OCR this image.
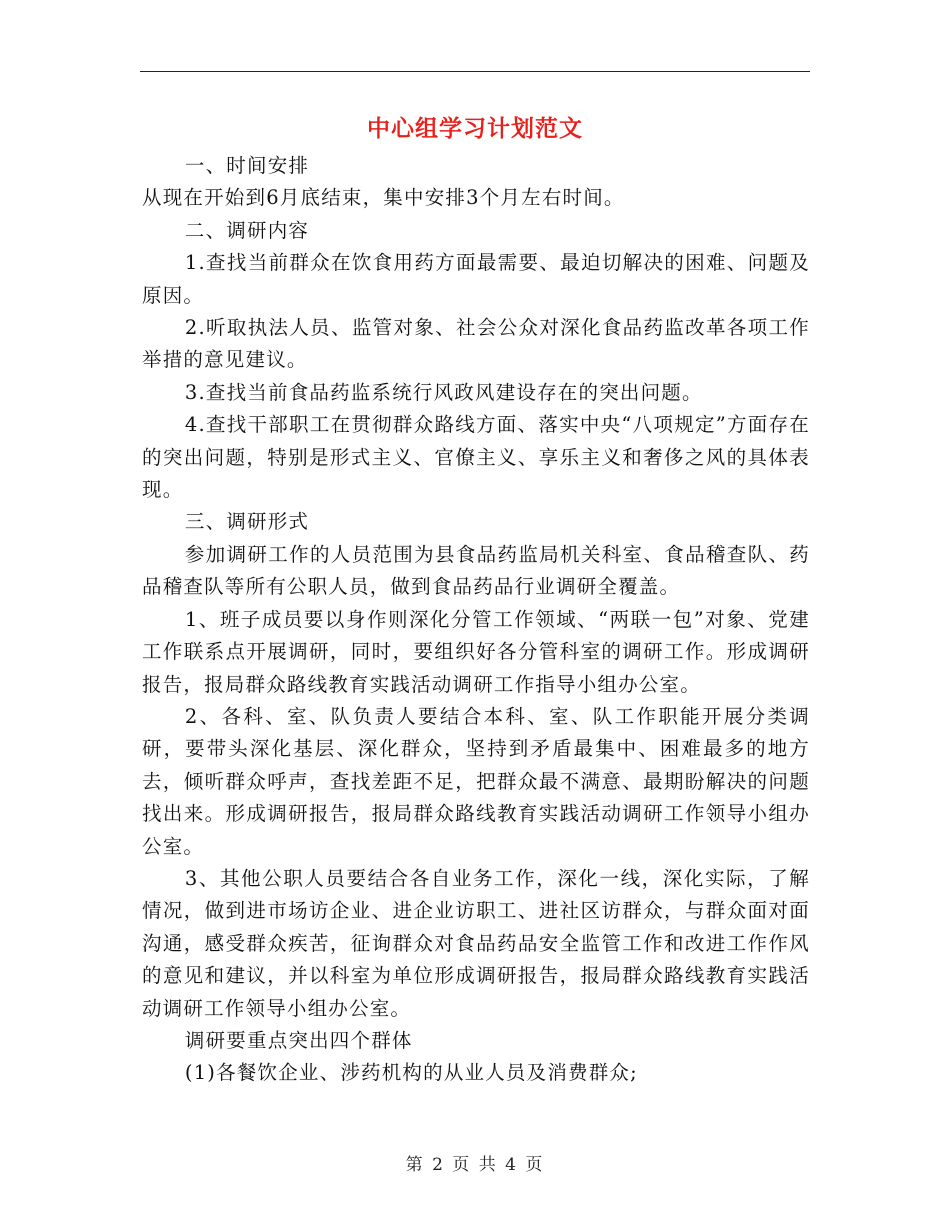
中心组学习计划范文

一、时间安排

从现在开始到6月底结束，集中安排3个月左右时间。

二、调研内容

1.查找当前群众在饮食用药方面最需要、最迫切解决的困难、问题及原因。

2.听取执法人员、监管对象、社会公众对深化食品药监改革各项工作举措的意见建议。

3.查找当前食品药监系统行风政风建设存在的突出问题。

4.查找干部职工在贯彻群众路线方面、落实中央“八项规定”方面存在的突出问题，特别是形式主义、官僚主义、享乐主义和奢侈之风的具体表现。

三、调研形式

参加调研工作的人员范围为县食品药监局机关科室、食品稽查队、药品稽查队等所有公职人员，做到食品药品行业调研全覆盖。

1、班子成员要以身作则深化分管工作领域、“两联一包”对象、党建工作联系点开展调研，同时，要组织好各分管科室的调研工作。形成调研报告，报局群众路线教育实践活动调研工作指导小组办公室。

2、各科、室、队负责人要结合本科、室、队工作职能开展分类调研，要带头深化基层、深化群众，坚持到矛盾最集中、困难最多的地方去，倾听群众呼声，查找差距不足，把群众最不满意、最期盼解决的问题找出来。形成调研报告，报局群众路线教育实践活动调研工作领导小组办公室。

3、其他公职人员要结合各自业务工作，深化一线，深化实际，了解情况，做到进市场访企业、进企业访职工、进社区访群众，与群众面对面沟通，感受群众疾苦，征询群众对食品药品安全监管工作和改进工作作风的意见和建议，并以科室为单位形成调研报告，报局群众路线教育实践活动调研工作领导小组办公室。

调研要重点突出四个群体

(1)各餐饮企业、涉药机构的从业人员及消费群众;

第 2 页 共 4 页
